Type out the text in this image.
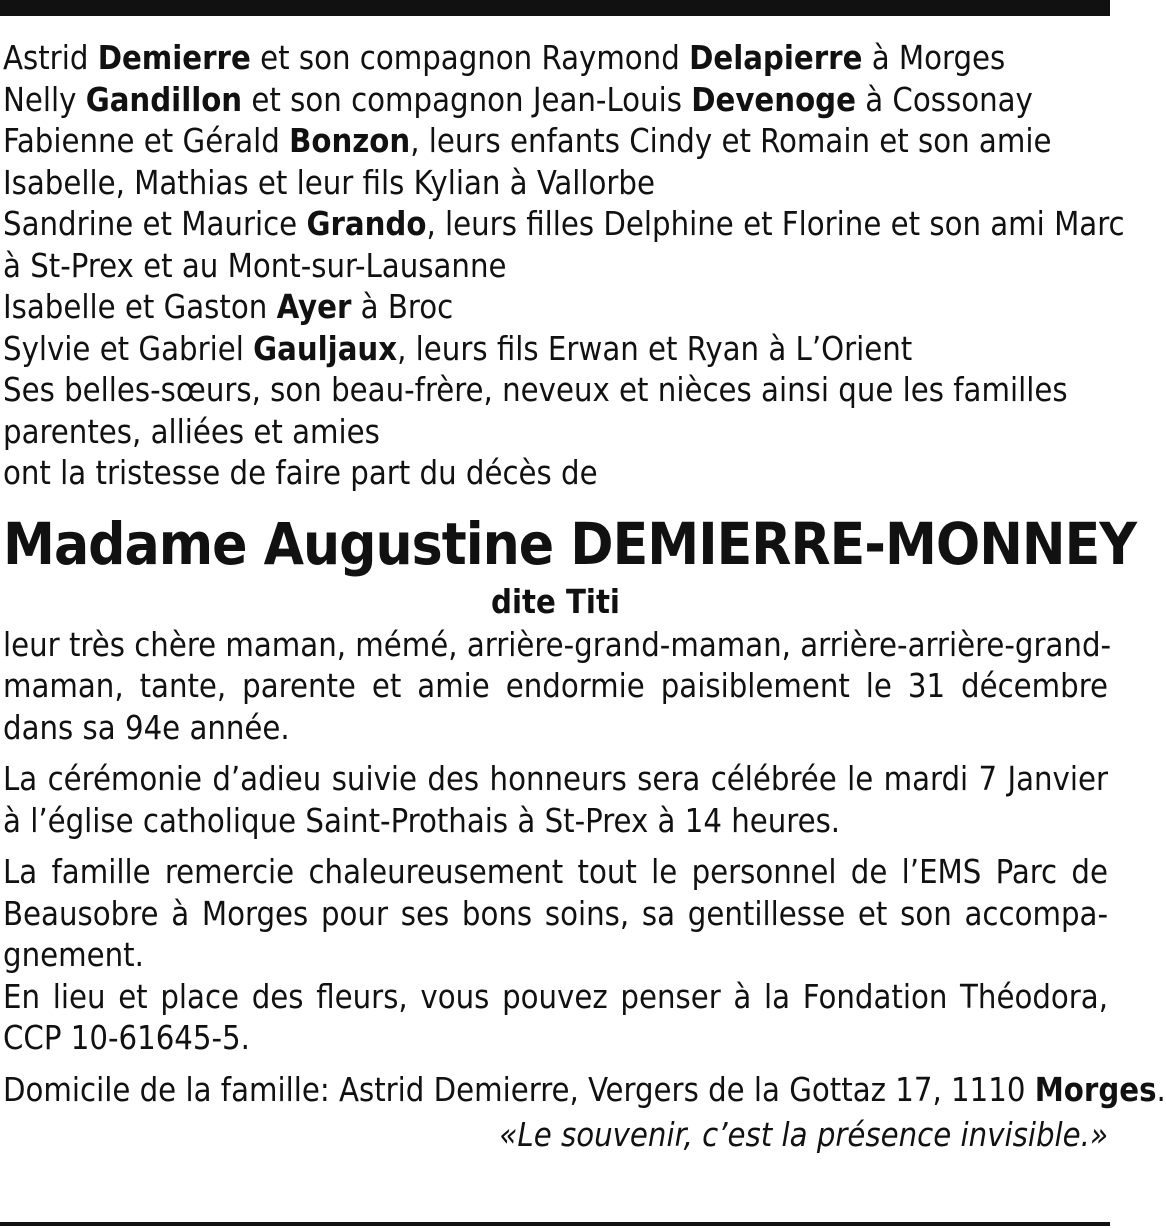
Astrid Demierre et son compagnon Raymond Delapierre à Morges

Nelly Gandillon et son compagnon Jean-Louis Devenoge à Cossonay

Fabienne et Gérald Bonzon, leurs enfants Cindy et Romain et son amie

Isabelle, Mathias et leur fils Kylian à Vallorbe

Sandrine et Maurice Grando, leurs filles Delphine et Florine et son ami Marc

à St-Prex et au Mont-sur-Lausanne

Isabelle et Gaston Ayer à Broc

Sylvie et Gabriel Gauljaux, leurs fils Erwan et Ryan à L’Orient

Ses belles-sœurs, son beau-frère, neveux et nièces ainsi que les familles

parentes, alliées et amies

ont la tristesse de faire part du décès de

Madame Augustine DEMIERRE-MONNEY

dite Titi

leur très chère maman, mémé, arrière-grand-maman, arrière-arrière-grand-

maman, tante, parente et amie endormie paisiblement le 31 décembre

dans sa 94e année.

La cérémonie d’adieu suivie des honneurs sera célébrée le mardi 7 Janvier

à l’église catholique Saint-Prothais à St-Prex à 14 heures.

La famille remercie chaleureusement tout le personnel de l’EMS Parc de

Beausobre à Morges pour ses bons soins, sa gentillesse et son accompa-

gnement.

En lieu et place des fleurs, vous pouvez penser à la Fondation Théodora,

CCP 10-61645-5.

Domicile de la famille: Astrid Demierre, Vergers de la Gottaz 17, 1110 Morges.

«Le souvenir, c’est la présence invisible.»
